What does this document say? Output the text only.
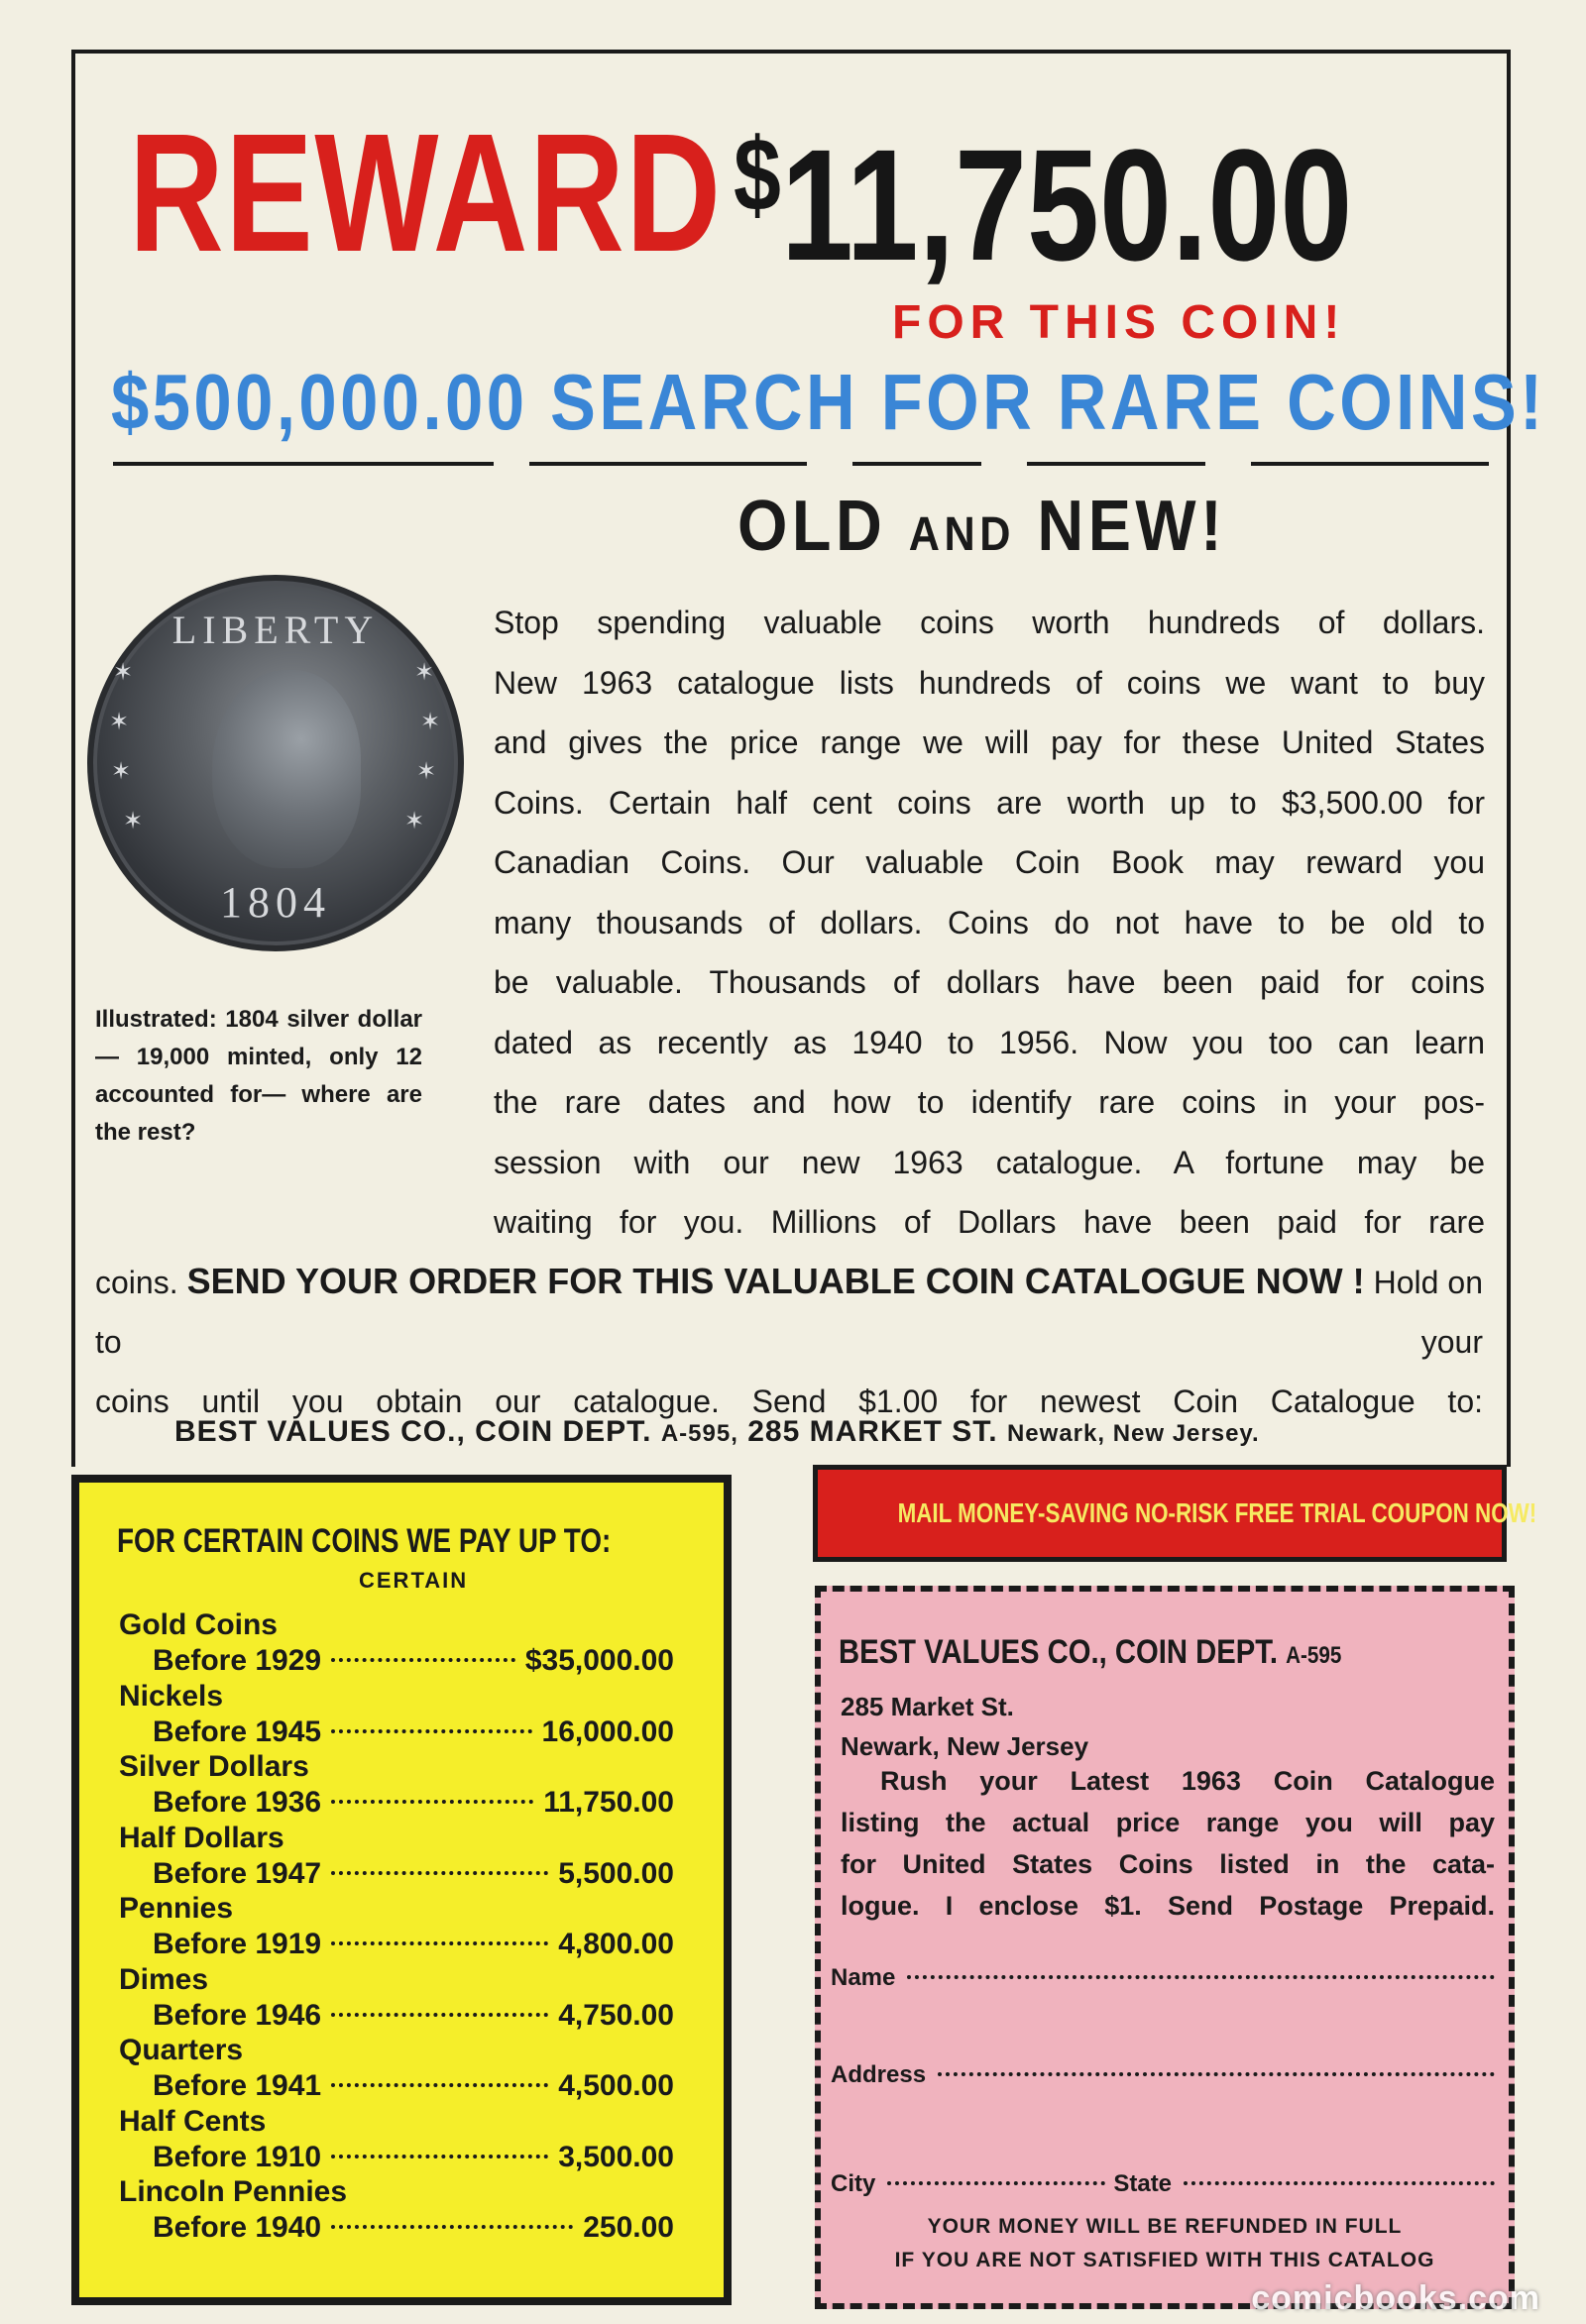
REWARD $11,750.00
FOR THIS COIN!
$500,000.00 SEARCH FOR RARE COINS!
OLD AND NEW!
LIBERTY
✶
✶
✶
✶
✶
✶
✶
✶
1804
Illustrated: 1804 silver dollar — 19,000 minted, only 12 accounted for— where are the rest?
Stop spending valuable coins worth hundreds of dollars.
New 1963 catalogue lists hundreds of coins we want to buy
and gives the price range we will pay for these United States
Coins. Certain half cent coins are worth up to $3,500.00 for
Canadian Coins. Our valuable Coin Book may reward you
many thousands of dollars. Coins do not have to be old to
be valuable. Thousands of dollars have been paid for coins
dated as recently as 1940 to 1956. Now you too can learn
the rare dates and how to identify rare coins in your pos-
session with our new 1963 catalogue. A fortune may be
waiting for you. Millions of Dollars have been paid for rare
coins. SEND YOUR ORDER FOR THIS VALUABLE COIN CATALOGUE NOW ! Hold on to your
coins until you obtain our catalogue. Send $1.00 for newest Coin Catalogue to:
BEST VALUES CO., COIN DEPT. A-595, 285 MARKET ST. Newark, New Jersey.
FOR CERTAIN COINS WE PAY UP TO:
CERTAIN
Gold Coins
Before 1929	$35,000.00
Nickels
Before 1945	16,000.00
Silver Dollars
Before 1936	11,750.00
Half Dollars
Before 1947	5,500.00
Pennies
Before 1919	4,800.00
Dimes
Before 1946	4,750.00
Quarters
Before 1941	4,500.00
Half Cents
Before 1910	3,500.00
Lincoln Pennies
Before 1940	250.00
MAIL MONEY-SAVING NO-RISK FREE TRIAL COUPON NOW!
BEST VALUES CO., COIN DEPT. A-595
285 Market St.
Newark, New Jersey
Rush your Latest 1963 Coin Catalogue
listing the actual price range you will pay
for United States Coins listed in the cata-
logue. I enclose $1. Send Postage Prepaid.
Name
Address
City	State
YOUR MONEY WILL BE REFUNDED IN FULL
IF YOU ARE NOT SATISFIED WITH THIS CATALOG
comicbooks.com
